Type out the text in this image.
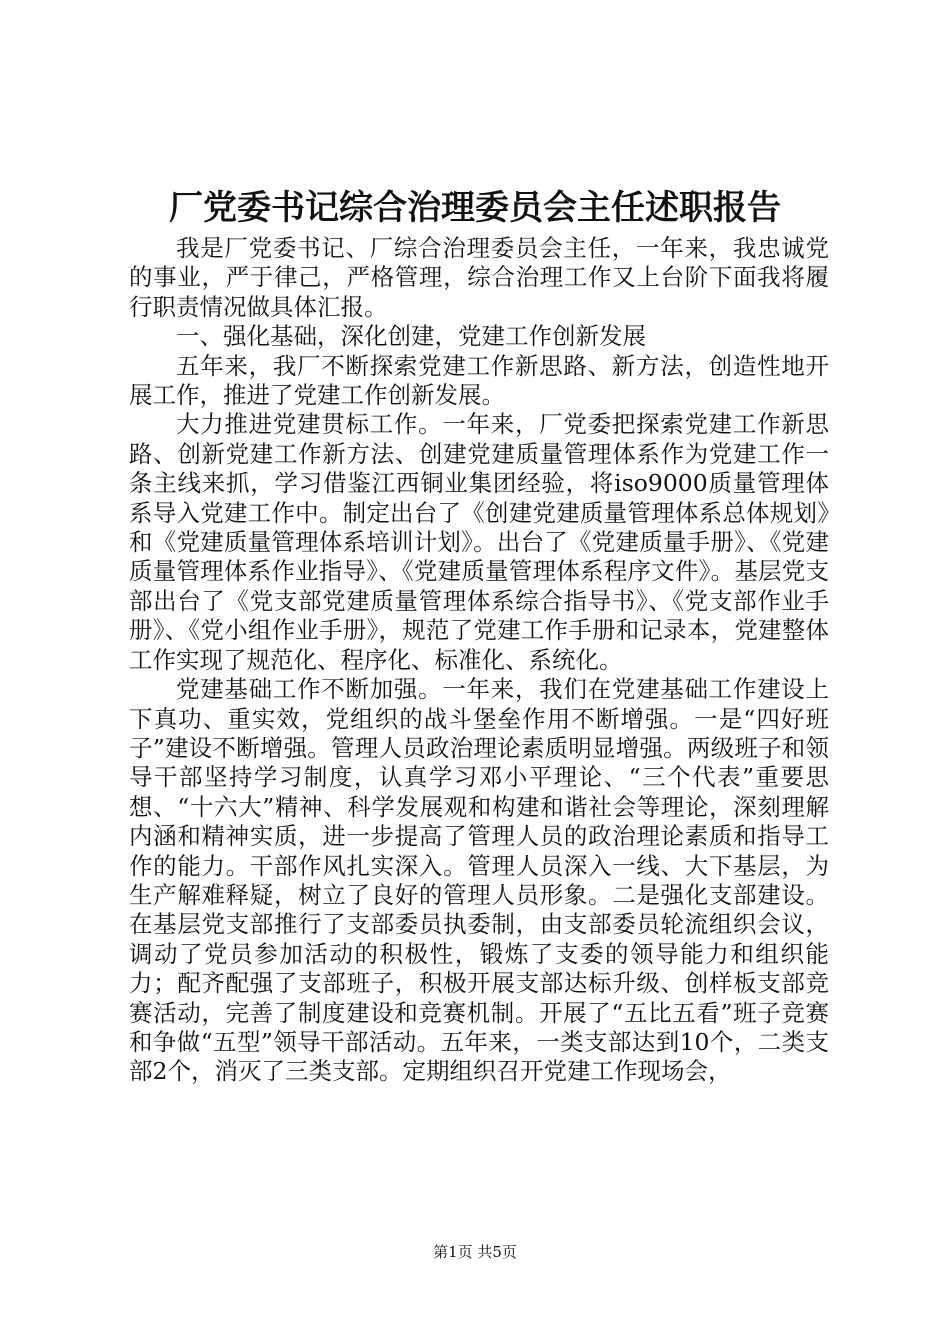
厂党委书记综合治理委员会主任述职报告

我是厂党委书记、厂综合治理委员会主任，一年来，我忠诚党的事业，严于律己，严格管理，综合治理工作又上台阶下面我将履行职责情况做具体汇报。

一、强化基础，深化创建，党建工作创新发展

五年来，我厂不断探索党建工作新思路、新方法，创造性地开展工作，推进了党建工作创新发展。

大力推进党建贯标工作。一年来，厂党委把探索党建工作新思路、创新党建工作新方法、创建党建质量管理体系作为党建工作一条主线来抓，学习借鉴江西铜业集团经验，将iso9000质量管理体系导入党建工作中。制定出台了《创建党建质量管理体系总体规划》和《党建质量管理体系培训计划》。出台了《党建质量手册》、《党建质量管理体系作业指导》、《党建质量管理体系程序文件》。基层党支部出台了《党支部党建质量管理体系综合指导书》、《党支部作业手册》、《党小组作业手册》，规范了党建工作手册和记录本，党建整体工作实现了规范化、程序化、标准化、系统化。

党建基础工作不断加强。一年来，我们在党建基础工作建设上下真功、重实效，党组织的战斗堡垒作用不断增强。一是“四好班子”建设不断增强。管理人员政治理论素质明显增强。两级班子和领导干部坚持学习制度，认真学习邓小平理论、“三个代表”重要思想、“十六大”精神、科学发展观和构建和谐社会等理论，深刻理解内涵和精神实质，进一步提高了管理人员的政治理论素质和指导工作的能力。干部作风扎实深入。管理人员深入一线、大下基层，为生产解难释疑，树立了良好的管理人员形象。二是强化支部建设。在基层党支部推行了支部委员执委制，由支部委员轮流组织会议，调动了党员参加活动的积极性，锻炼了支委的领导能力和组织能力；配齐配强了支部班子，积极开展支部达标升级、创样板支部竞赛活动，完善了制度建设和竞赛机制。开展了“五比五看”班子竞赛和争做“五型”领导干部活动。五年来，一类支部达到10个，二类支部2个，消灭了三类支部。定期组织召开党建工作现场会，

第1页 共5页
